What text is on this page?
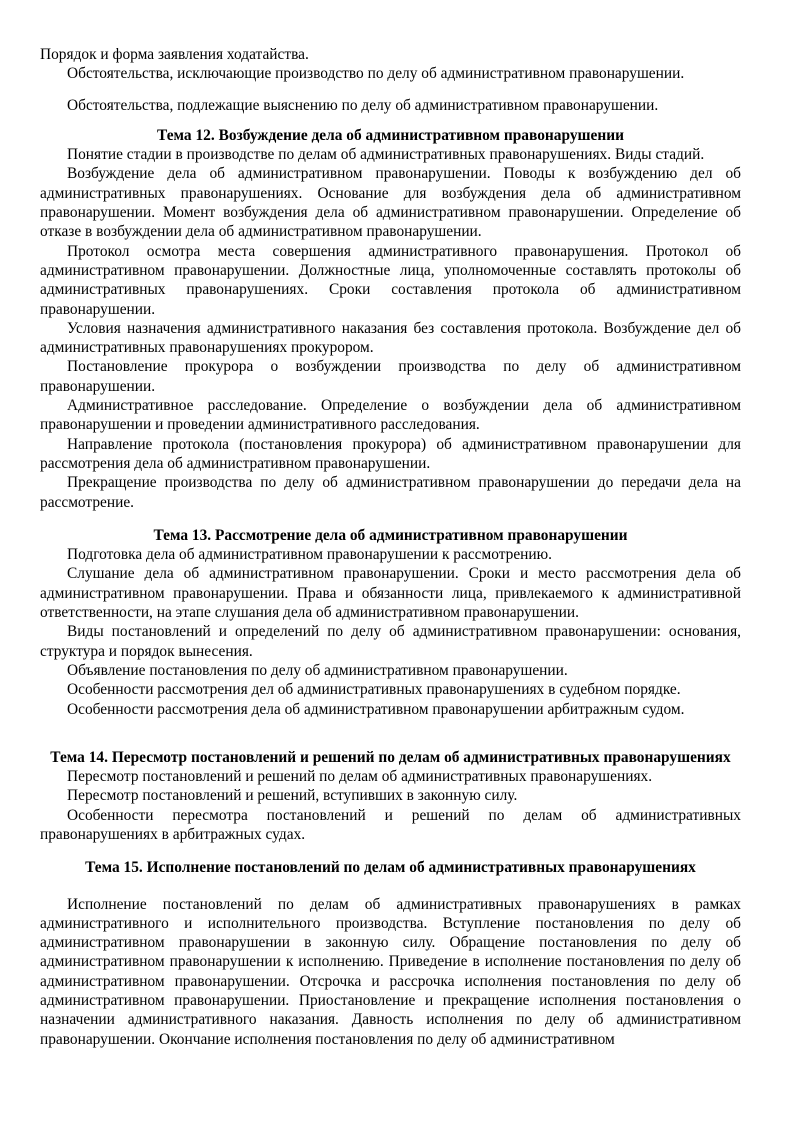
Порядок и форма заявления ходатайства.

Обстоятельства, исключающие производство по делу об административном правонарушении.

Обстоятельства, подлежащие выяснению по делу об административном правонарушении.

Тема 12. Возбуждение дела об административном правонарушении

Понятие стадии в производстве по делам об административных правонарушениях. Виды стадий.

Возбуждение дела об административном правонарушении. Поводы к возбуждению дел об административных правонарушениях. Основание для возбуждения дела об административном правонарушении. Момент возбуждения дела об административном правонарушении. Определение об отказе в возбуждении дела об административном правонарушении.

Протокол осмотра места совершения административного правонарушения. Протокол об административном правонарушении. Должностные лица, уполномоченные составлять протоколы об административных правонарушениях. Сроки составления протокола об административном правонарушении.

Условия назначения административного наказания без составления протокола. Возбуждение дел об административных правонарушениях прокурором.

Постановление прокурора о возбуждении производства по делу об административном правонарушении.

Административное расследование. Определение о возбуждении дела об административном правонарушении и проведении административного расследования.

Направление протокола (постановления прокурора) об административном правонарушении для рассмотрения дела об административном правонарушении.

Прекращение производства по делу об административном правонарушении до передачи дела на рассмотрение.

Тема 13. Рассмотрение дела об административном правонарушении

Подготовка дела об административном правонарушении к рассмотрению.

Слушание дела об административном правонарушении. Сроки и место рассмотрения дела об административном правонарушении. Права и обязанности лица, привлекаемого к административной ответственности, на этапе слушания дела об административном правонарушении.

Виды постановлений и определений по делу об административном правонарушении: основания, структура и порядок вынесения.

Объявление постановления по делу об административном правонарушении.

Особенности рассмотрения дел об административных правонарушениях в судебном порядке.

Особенности рассмотрения дела об административном правонарушении арбитражным судом.

Тема 14. Пересмотр постановлений и решений по делам об административных правонарушениях

Пересмотр постановлений и решений по делам об административных правонарушениях.

Пересмотр постановлений и решений, вступивших в законную силу.

Особенности пересмотра постановлений и решений по делам об административных правонарушениях в арбитражных судах.

Тема 15. Исполнение постановлений по делам об административных правонарушениях

Исполнение постановлений по делам об административных правонарушениях в рамках административного и исполнительного производства. Вступление постановления по делу об административном правонарушении в законную силу. Обращение постановления по делу об административном правонарушении к исполнению. Приведение в исполнение постановления по делу об административном правонарушении. Отсрочка и рассрочка исполнения постановления по делу об административном правонарушении. Приостановление и прекращение исполнения постановления о назначении административного наказания. Давность исполнения по делу об административном правонарушении. Окончание исполнения постановления по делу об административном
